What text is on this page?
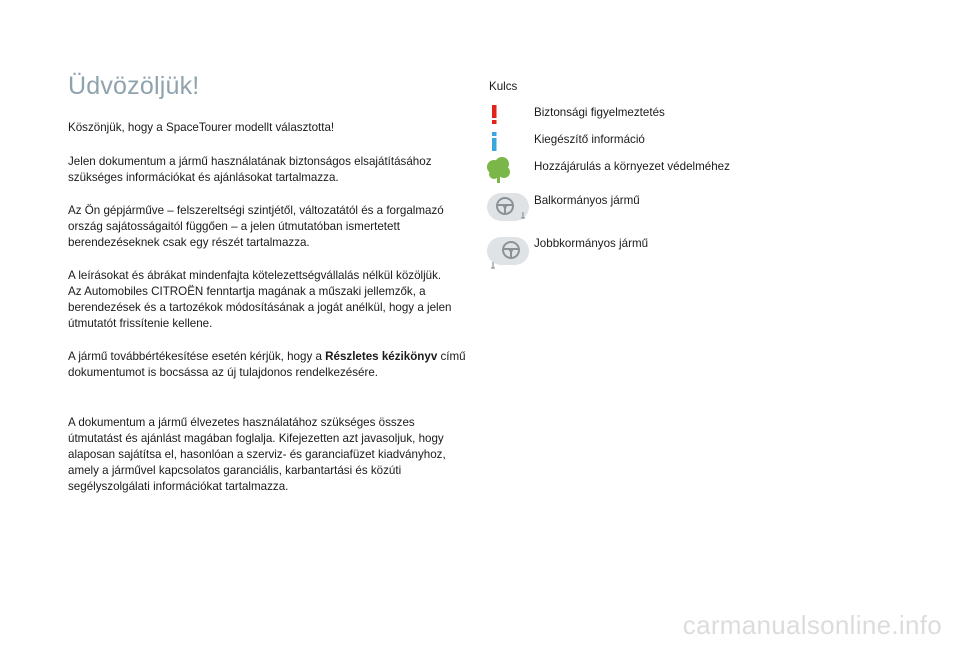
Üdvözöljük!

Köszönjük, hogy a SpaceTourer modellt választotta!

Jelen dokumentum a jármű használatának biztonságos elsajátításához szükséges információkat és ajánlásokat tartalmazza.

Az Ön gépjárműve – felszereltségi szintjétől, változatától és a forgalmazó ország sajátosságaitól függően – a jelen útmutatóban ismertetett berendezéseknek csak egy részét tartalmazza.

A leírásokat és ábrákat mindenfajta kötelezettségvállalás nélkül közöljük.

Az Automobiles CITROËN fenntartja magának a műszaki jellemzők, a berendezések és a tartozékok módosításának a jogát anélkül, hogy a jelen útmutatót frissítenie kellene.

A jármű továbbértékesítése esetén kérjük, hogy a Részletes kézikönyv című dokumentumot is bocsássa az új tulajdonos rendelkezésére.

A dokumentum a jármű élvezetes használatához szükséges összes útmutatást és ajánlást magában foglalja. Kifejezetten azt javasoljuk, hogy alaposan sajátítsa el, hasonlóan a szerviz- és garanciafüzet kiadványhoz, amely a járművel kapcsolatos garanciális, karbantartási és közúti segélyszolgálati információkat tartalmazza.

Kulcs

Biztonsági figyelmeztetés
Kiegészítő információ
Hozzájárulás a környezet védelméhez
Balkormányos jármű
Jobbkormányos jármű
carmanualsonline.info
